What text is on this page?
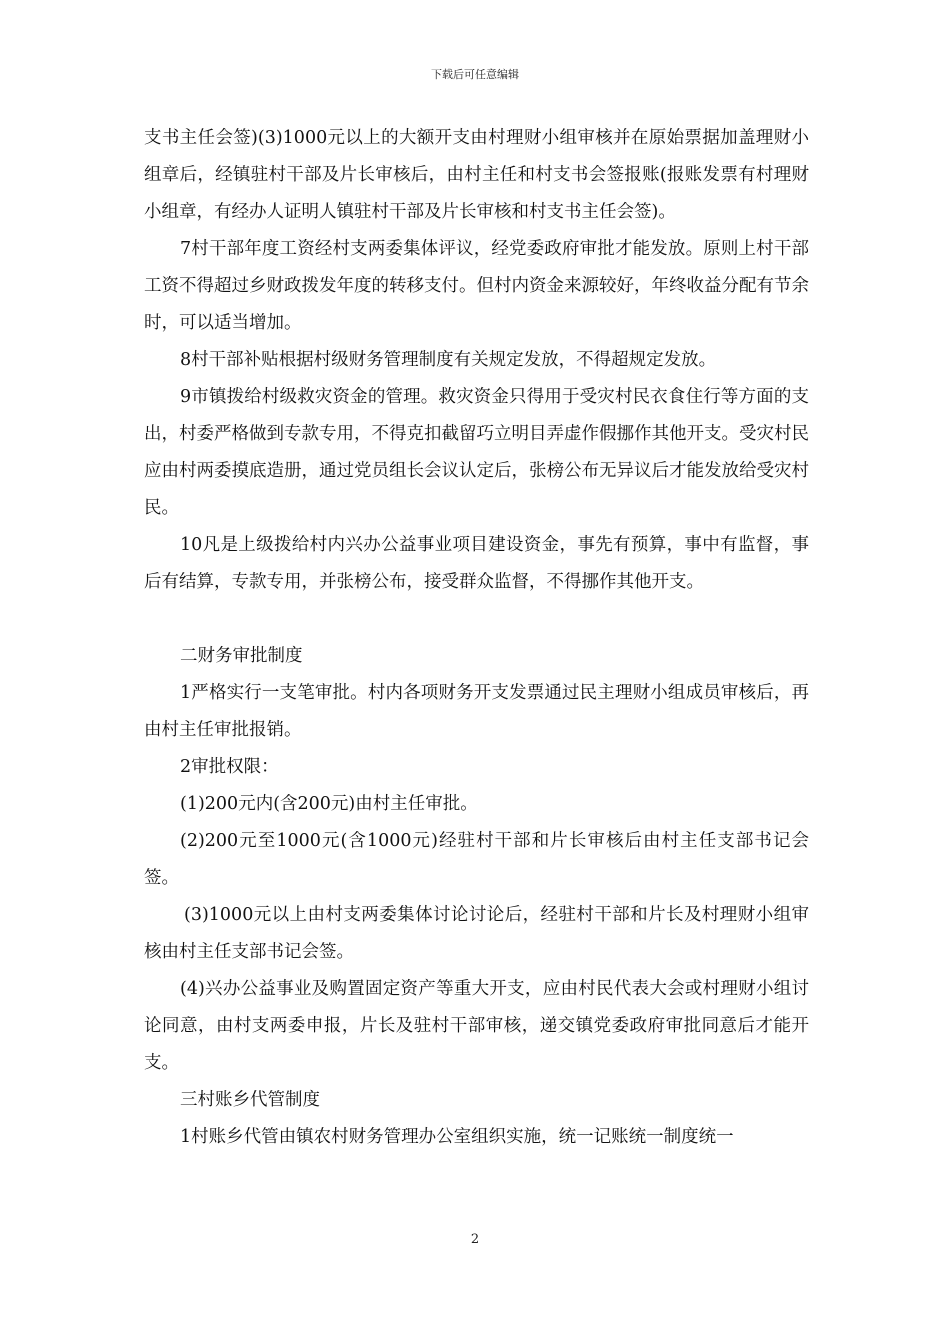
下载后可任意编辑

支书主任会签)(3)1000元以上的大额开支由村理财小组审核并在原始票据加盖理财小组章后，经镇驻村干部及片长审核后，由村主任和村支书会签报账(报账发票有村理财小组章，有经办人证明人镇驻村干部及片长审核和村支书主任会签)。

7村干部年度工资经村支两委集体评议，经党委政府审批才能发放。原则上村干部工资不得超过乡财政拨发年度的转移支付。但村内资金来源较好，年终收益分配有节余时，可以适当增加。

8村干部补贴根据村级财务管理制度有关规定发放，不得超规定发放。

9市镇拨给村级救灾资金的管理。救灾资金只得用于受灾村民衣食住行等方面的支出，村委严格做到专款专用，不得克扣截留巧立明目弄虚作假挪作其他开支。受灾村民应由村两委摸底造册，通过党员组长会议认定后，张榜公布无异议后才能发放给受灾村民。

10凡是上级拨给村内兴办公益事业项目建设资金，事先有预算，事中有监督，事后有结算，专款专用，并张榜公布，接受群众监督，不得挪作其他开支。

二财务审批制度

1严格实行一支笔审批。村内各项财务开支发票通过民主理财小组成员审核后，再由村主任审批报销。

2审批权限：

(1)200元内(含200元)由村主任审批。

(2)200元至1000元(含1000元)经驻村干部和片长审核后由村主任支部书记会签。

(3)1000元以上由村支两委集体讨论讨论后，经驻村干部和片长及村理财小组审核由村主任支部书记会签。

(4)兴办公益事业及购置固定资产等重大开支，应由村民代表大会或村理财小组讨论同意，由村支两委申报，片长及驻村干部审核，递交镇党委政府审批同意后才能开支。

三村账乡代管制度

1村账乡代管由镇农村财务管理办公室组织实施，统一记账统一制度统一

2
